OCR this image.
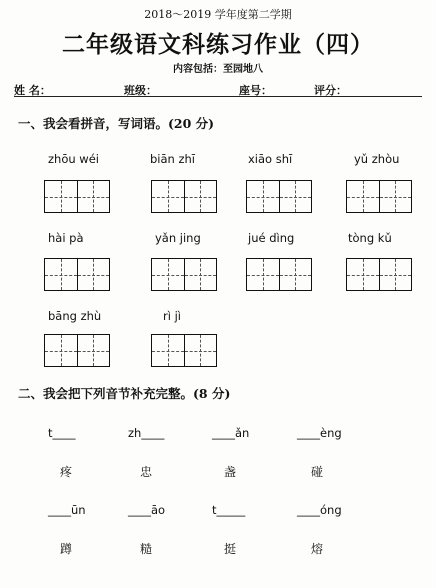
2018～2019 学年度第二学期
二年级语文科练习作业（四）
内容包括：至园地八
姓 名：	班级：	座号：	评分：
一、我会看拼音，写词语。(20 分)
zhōu wéi	biān zhī	xiāo shī	yǔ zhòu
hài pà	yǎn jing	jué dìng	tòng kǔ
bāng zhù	rì jì
二、我会把下列音节补充完整。(8 分)
t____	zh____	____ǎn	____èng
疼	忠	盏	碰
____ūn	____āo	t_____	____óng
蹲	糙	挺	熔
